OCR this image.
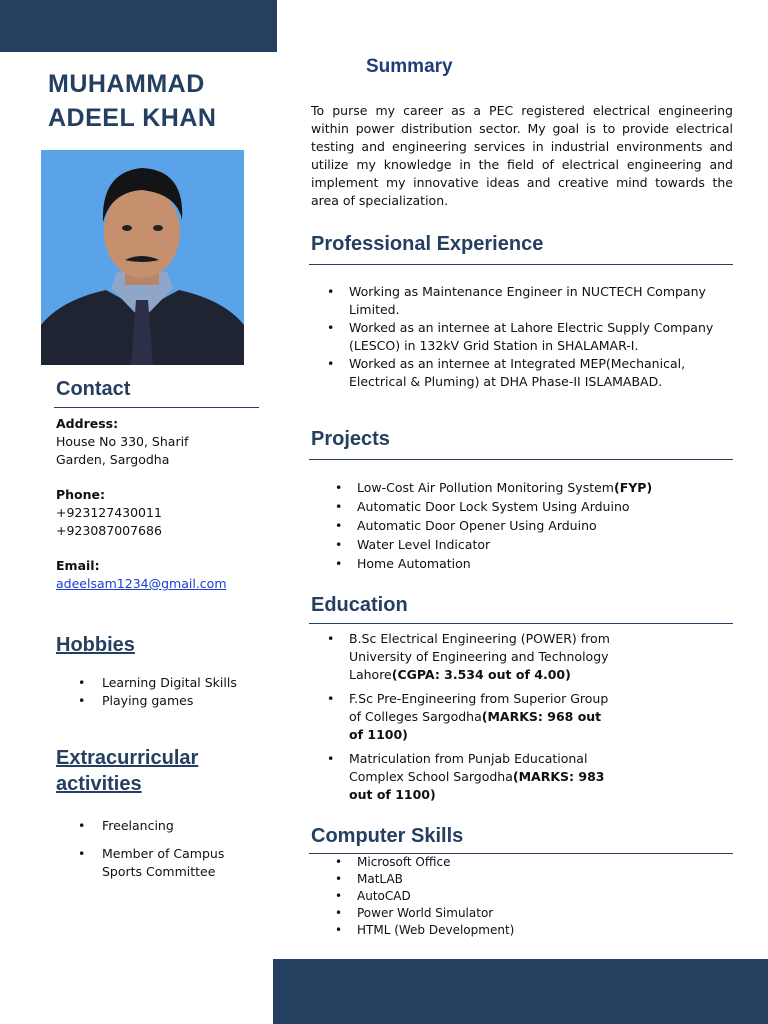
MUHAMMAD ADEEL KHAN
Contact
Address:
House No 330, Sharif
Garden, Sargodha
Phone:
+923127430011
+923087007686
Email:
adeelsam1234@gmail.com
Hobbies
• Learning Digital Skills
• Playing games
Extracurricular
activities
• Freelancing
• Member of Campus Sports Committee
Summary
To purse my career as a PEC registered electrical engineering within power distribution sector. My goal is to provide electrical testing and engineering services in industrial environments and utilize my knowledge in the field of electrical engineering and implement my innovative ideas and creative mind towards the area of specialization.
Professional Experience
• Working as Maintenance Engineer in NUCTECH Company Limited.
• Worked as an internee at Lahore Electric Supply Company (LESCO) in 132kV Grid Station in SHALAMAR-I.
• Worked as an internee at Integrated MEP(Mechanical, Electrical & Pluming) at DHA Phase-II ISLAMABAD.
Projects
• Low-Cost Air Pollution Monitoring System(FYP)
• Automatic Door Lock System Using Arduino
• Automatic Door Opener Using Arduino
• Water Level Indicator
• Home Automation
Education
• B.Sc Electrical Engineering (POWER) from University of Engineering and Technology Lahore(CGPA: 3.534 out of 4.00)
• F.Sc Pre-Engineering from Superior Group of Colleges Sargodha(MARKS: 968 out of 1100)
• Matriculation from Punjab Educational Complex School Sargodha(MARKS: 983 out of 1100)
Computer Skills
• Microsoft Office
• MatLAB
• AutoCAD
• Power World Simulator
• HTML (Web Development)
